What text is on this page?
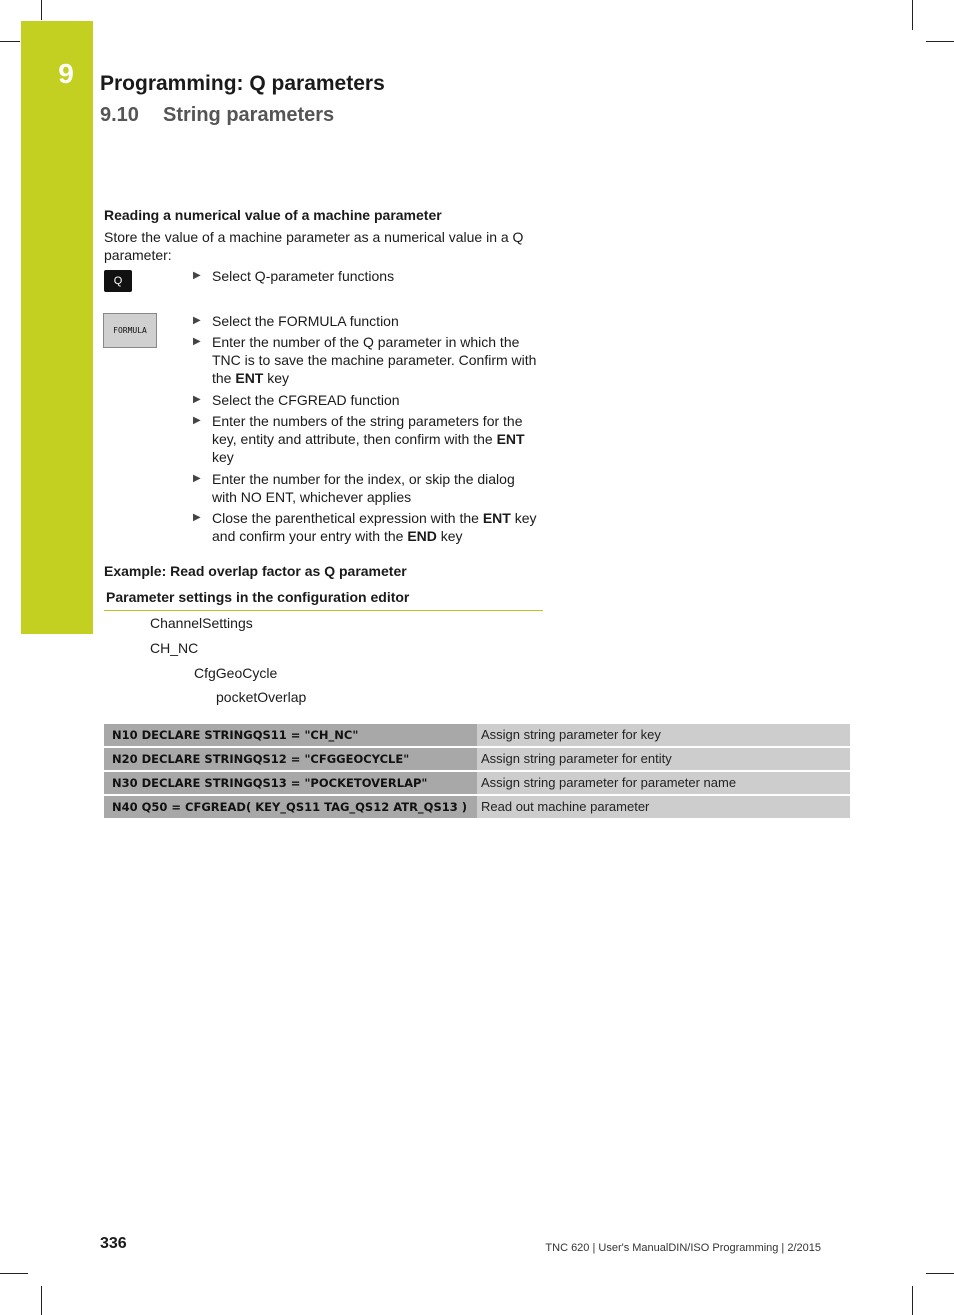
9	Programming: Q parameters
9.10 String parameters
Reading a numerical value of a machine parameter
Store the value of a machine parameter as a numerical value in a Q parameter:
Q
FORMULA
▶ Select Q-parameter functions
▶ Select the FORMULA function
▶ Enter the number of the Q parameter in which the TNC is to save the machine parameter. Confirm with the ENT key
▶ Select the CFGREAD function
▶ Enter the numbers of the string parameters for the key, entity and attribute, then confirm with the ENT key
▶ Enter the number for the index, or skip the dialog with NO ENT, whichever applies
▶ Close the parenthetical expression with the ENT key and confirm your entry with the END key
Example: Read overlap factor as Q parameter
Parameter settings in the configuration editor
ChannelSettings
CH_NC
CfgGeoCycle
pocketOverlap
N10 DECLARE STRINGQS11 = "CH_NC"	Assign string parameter for key
N20 DECLARE STRINGQS12 = "CFGGEOCYCLE"	Assign string parameter for entity
N30 DECLARE STRINGQS13 = "POCKETOVERLAP"	Assign string parameter for parameter name
N40 Q50 = CFGREAD( KEY_QS11 TAG_QS12 ATR_QS13 )	Read out machine parameter
336	TNC 620 | User's ManualDIN/ISO Programming | 2/2015
